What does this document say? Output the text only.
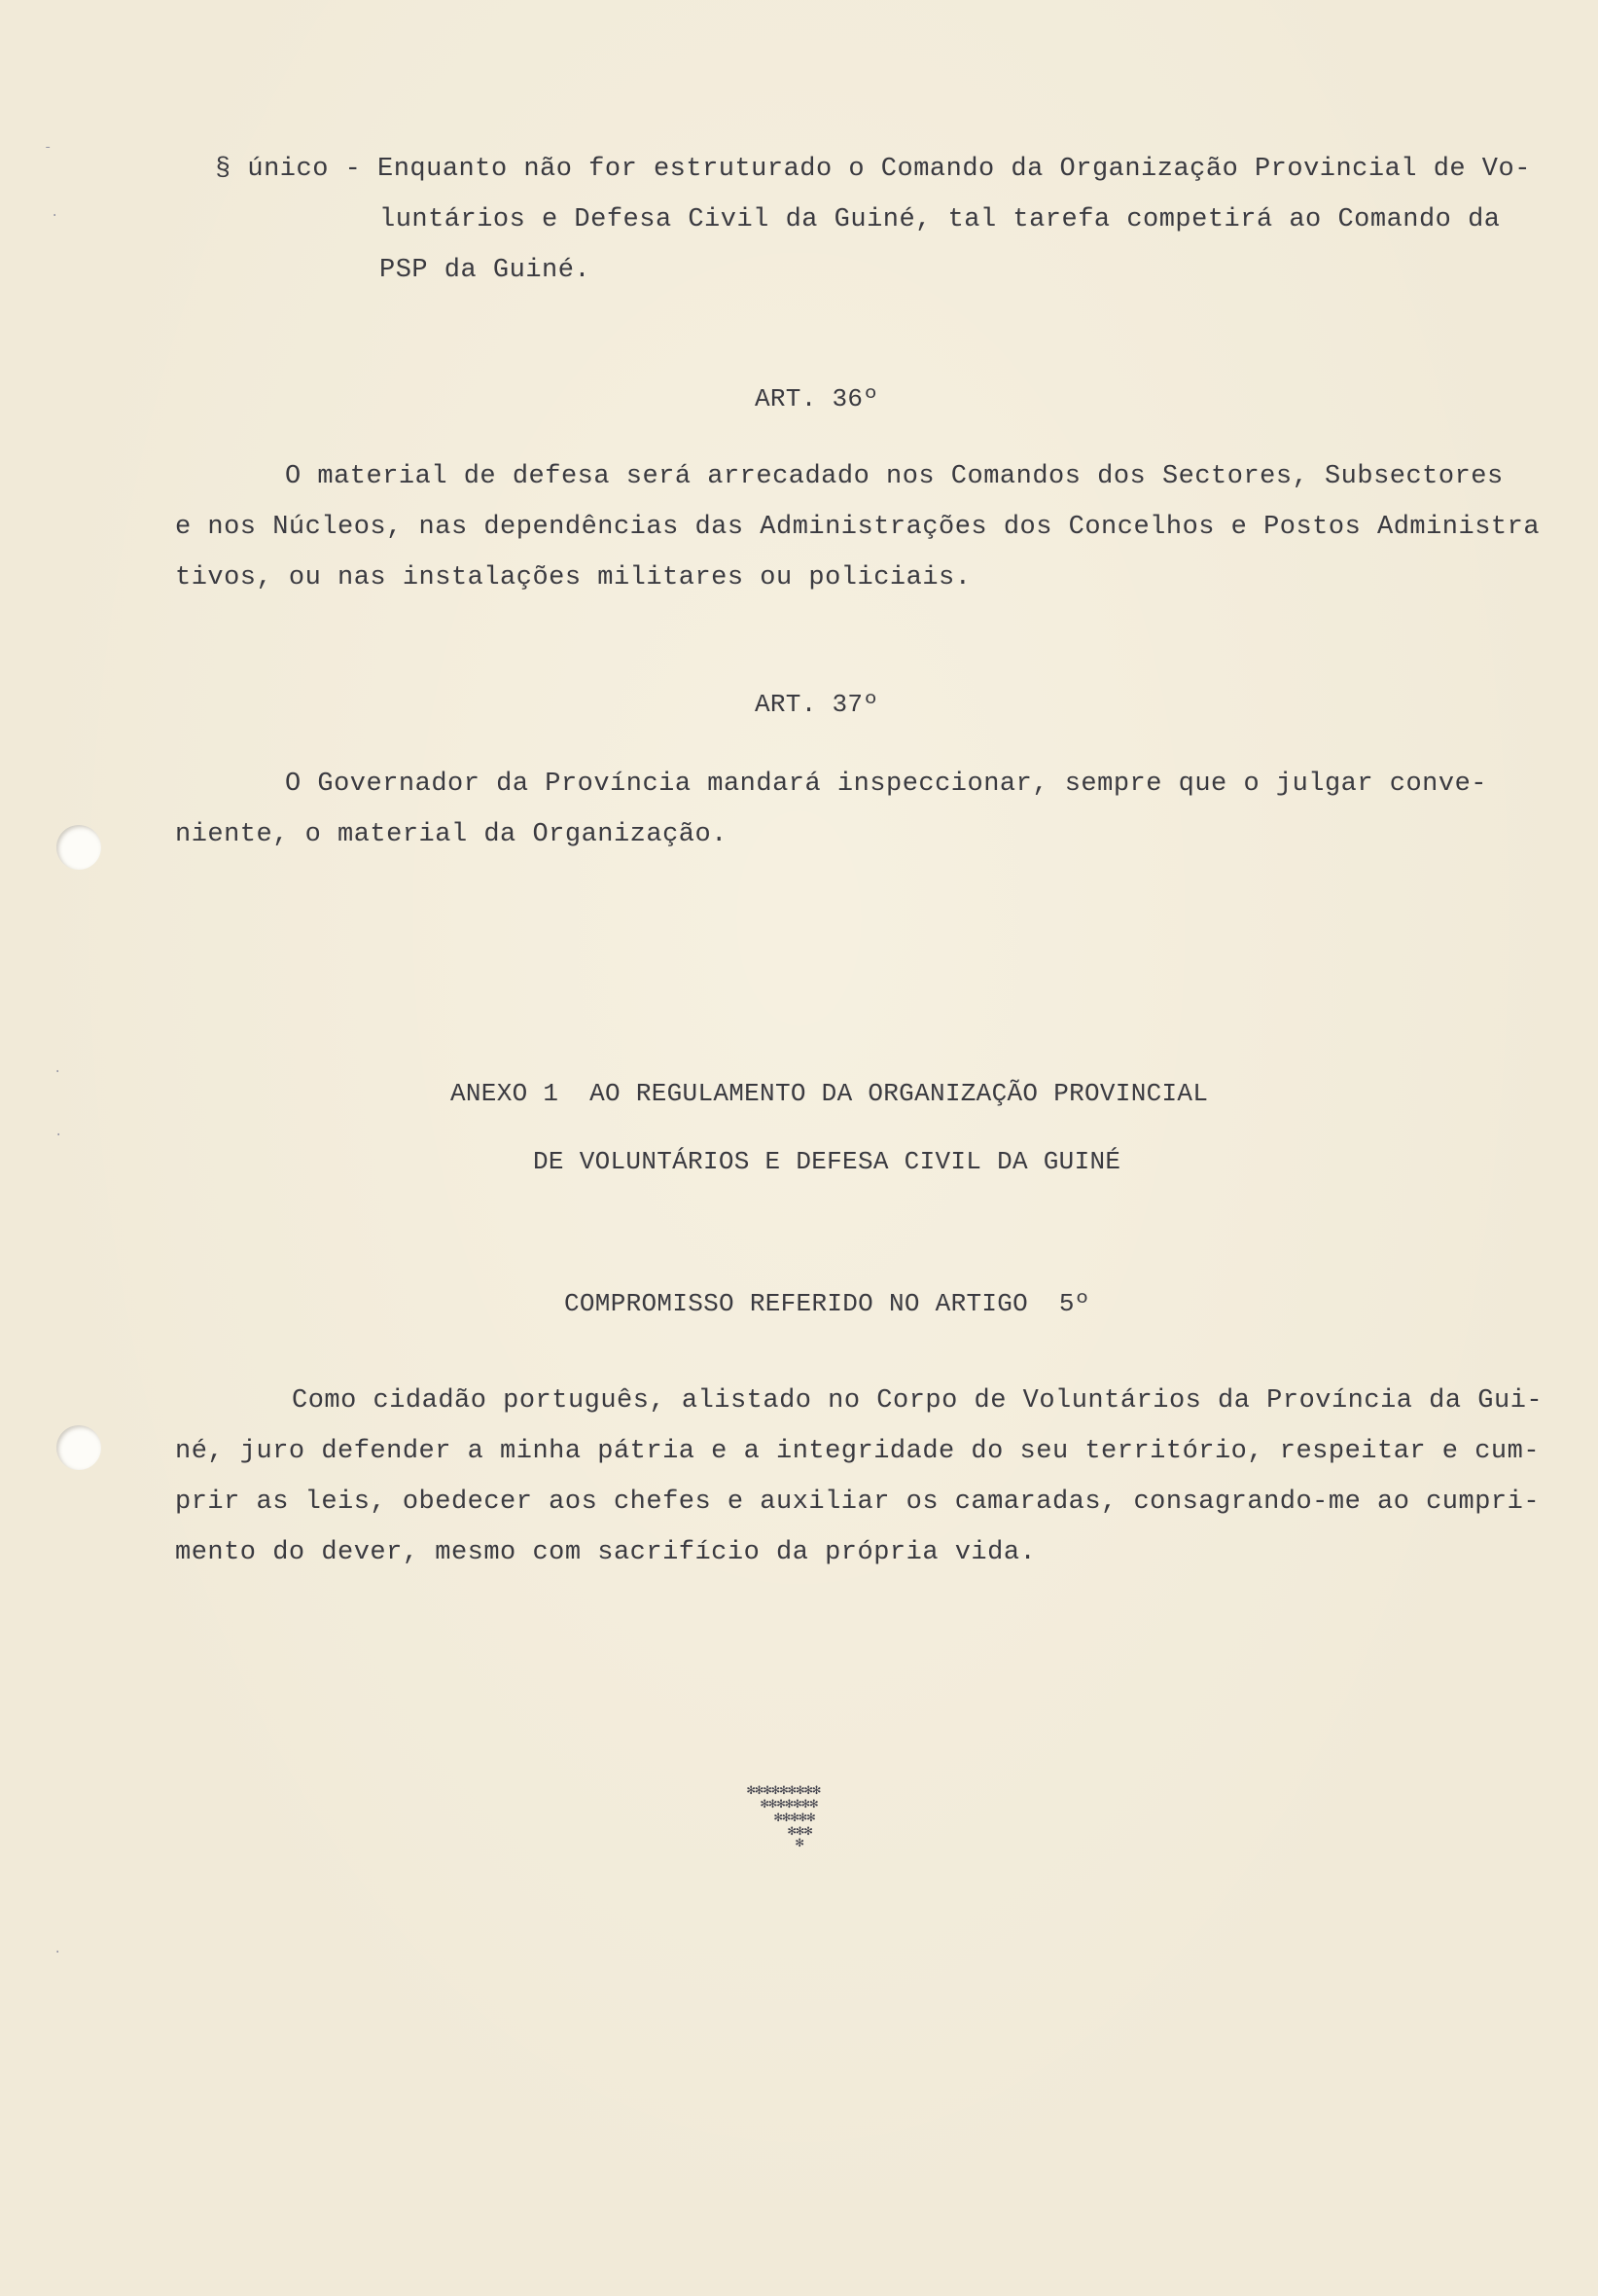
-
·
·
·
·
§ único - Enquanto não for estruturado o Comando da Organização Provincial de Vo-
luntários e Defesa Civil da Guiné, tal tarefa competirá ao Comando da
PSP da Guiné.
ART. 36º
O material de defesa será arrecadado nos Comandos dos Sectores, Subsectores
e nos Núcleos, nas dependências das Administrações dos Concelhos e Postos Administra
tivos, ou nas instalações militares ou policiais.
ART. 37º
O Governador da Província mandará inspeccionar, sempre que o julgar conve-
niente, o material da Organização.
ANEXO 1  AO REGULAMENTO DA ORGANIZAÇÃO PROVINCIAL
DE VOLUNTÁRIOS E DEFESA CIVIL DA GUINÉ
COMPROMISSO REFERIDO NO ARTIGO  5º
Como cidadão português, alistado no Corpo de Voluntários da Província da Gui-
né, juro defender a minha pátria e a integridade do seu território, respeitar e cum-
prir as leis, obedecer aos chefes e auxiliar os camaradas, consagrando-me ao cumpri-
mento do dever, mesmo com sacrifício da própria vida.
✻✻✻✻✻✻✻✻✻
✻✻✻✻✻✻✻
✻✻✻✻✻
✻✻✻
✻
